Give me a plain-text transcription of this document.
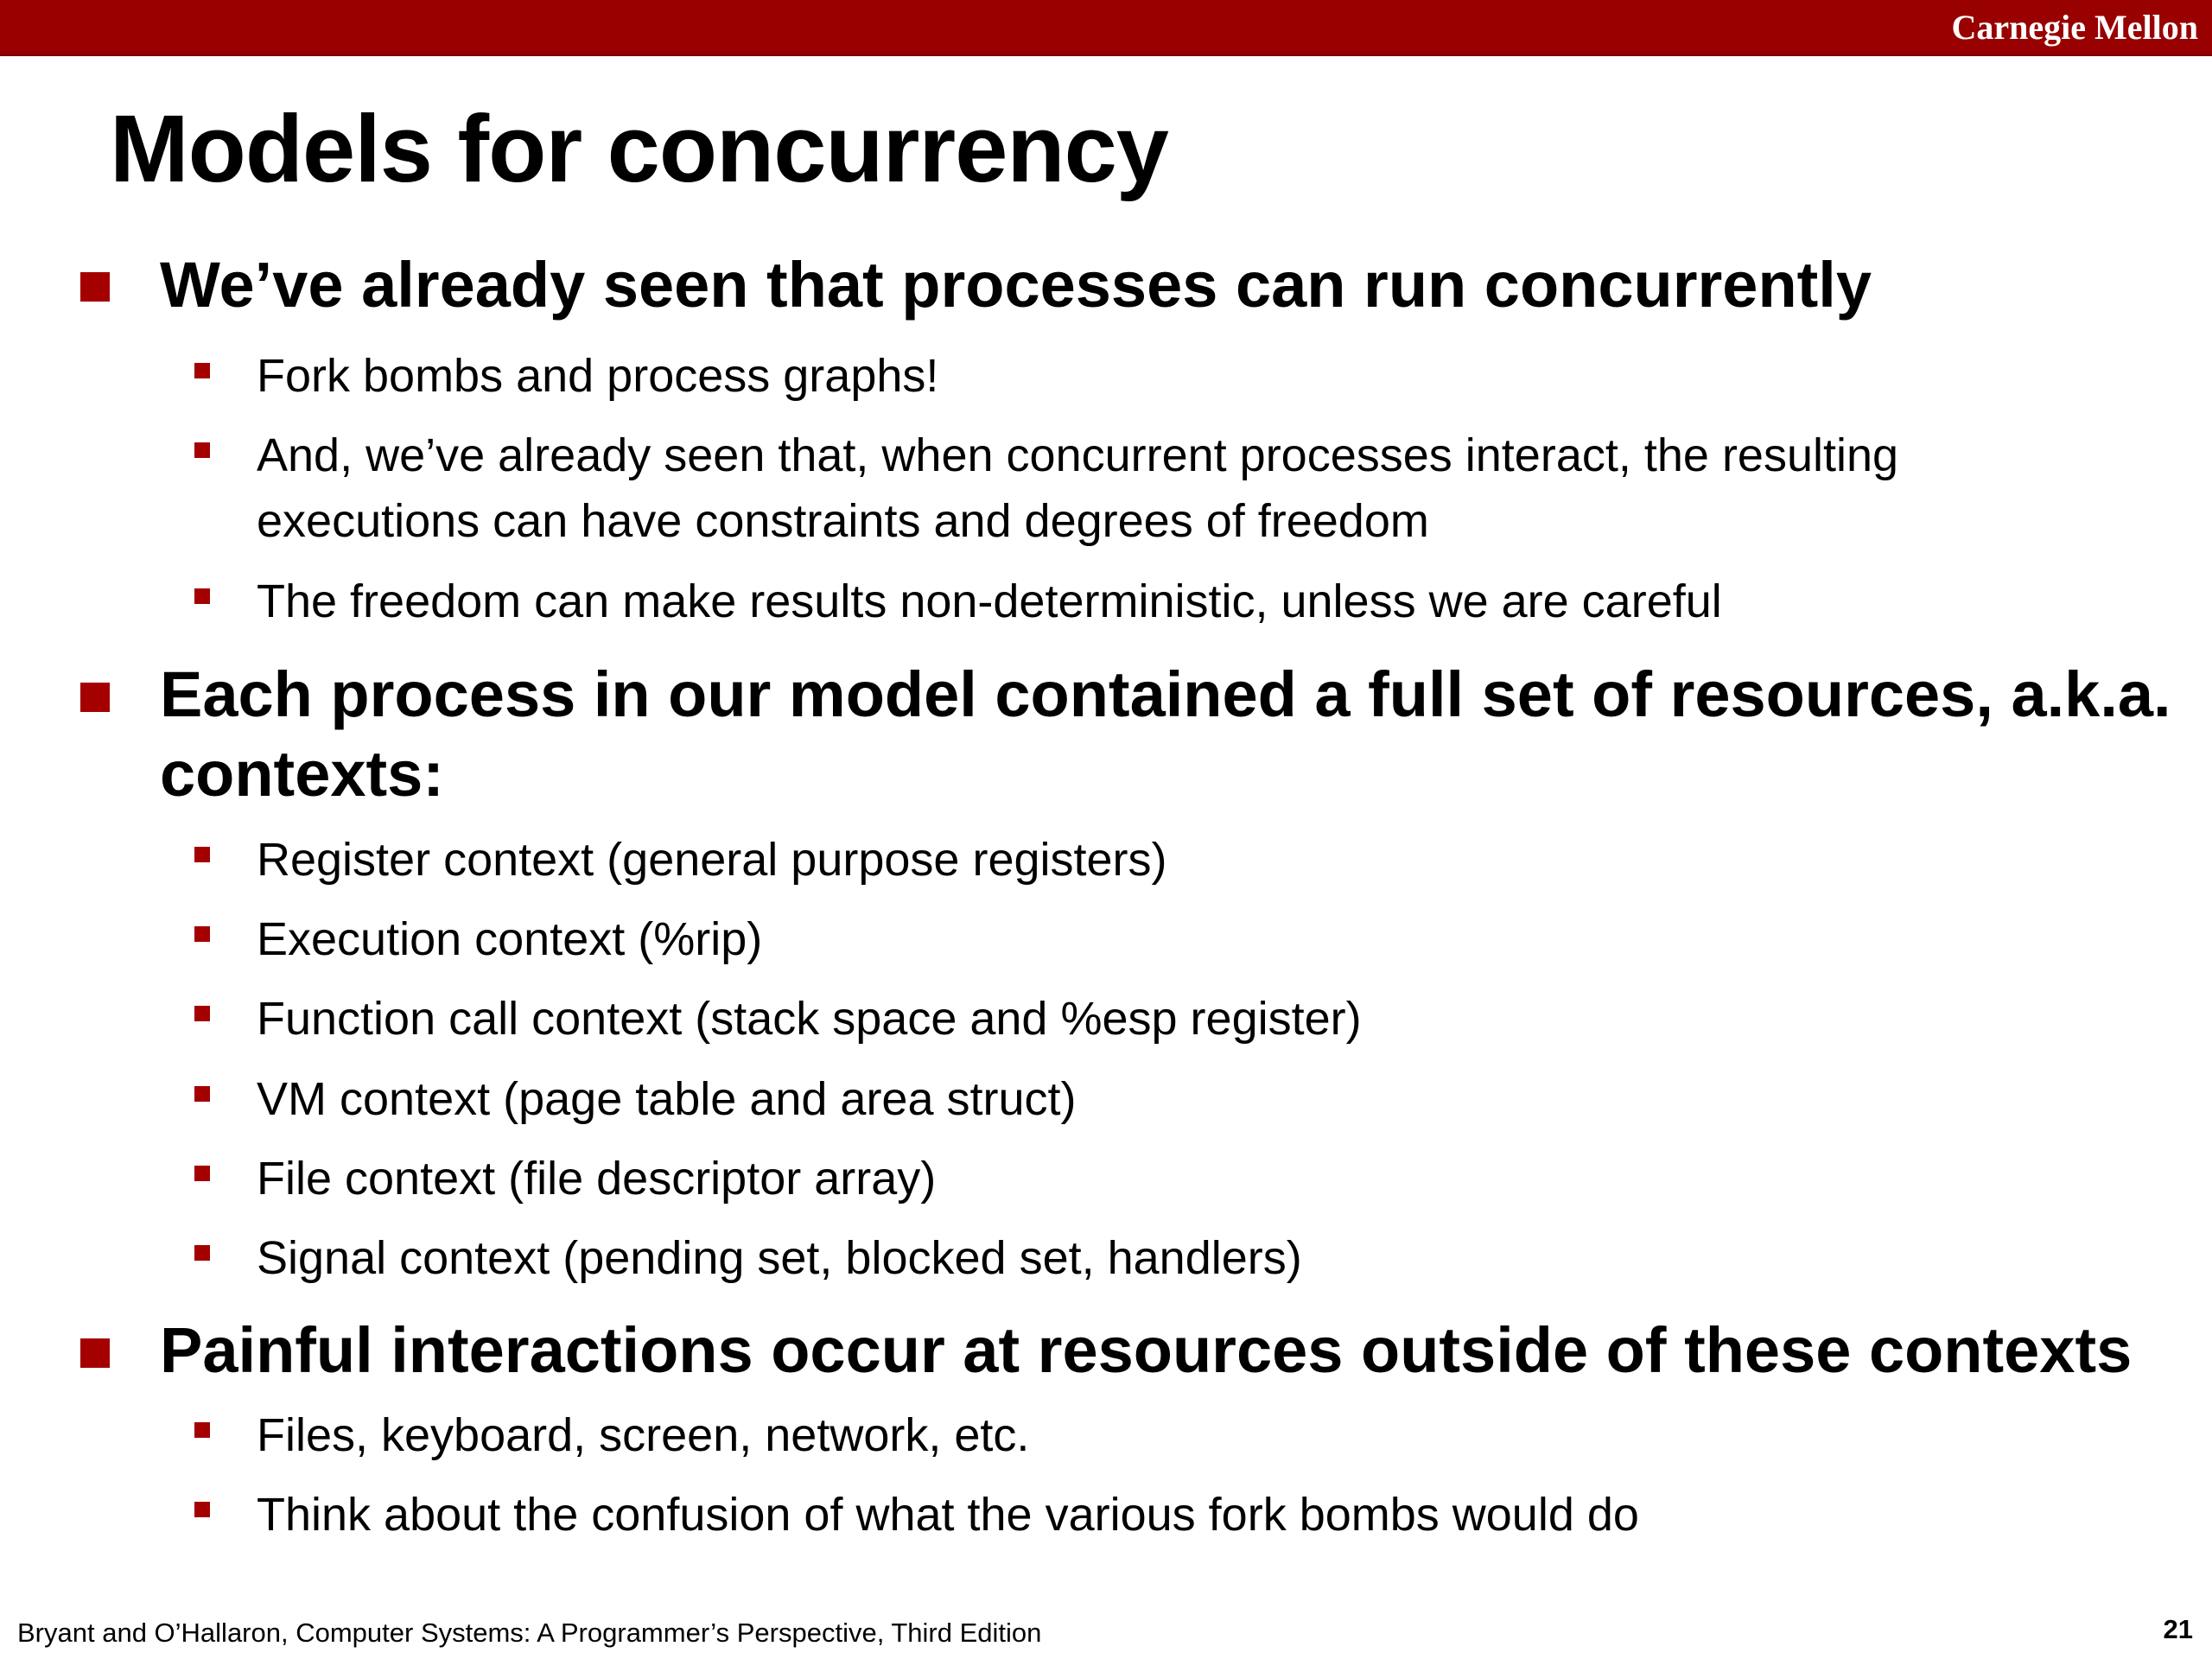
Carnegie Mellon
Models for concurrency
We’ve already seen that processes can run concurrently
Fork bombs and process graphs!
And, we’ve already seen that, when concurrent processes interact, the resulting
executions can have constraints and degrees of freedom
The freedom can make results non-deterministic, unless we are careful
Each process in our model contained a full set of resources, a.k.a.
contexts:
Register context (general purpose registers)
Execution context (%rip)
Function call context (stack space and %esp register)
VM context (page table and area struct)
File context (file descriptor array)
Signal context (pending set, blocked set, handlers)
Painful interactions occur at resources outside of these contexts
Files, keyboard, screen, network, etc.
Think about the confusion of what the various fork bombs would do
Bryant and O’Hallaron, Computer Systems: A Programmer’s Perspective, Third Edition	21
